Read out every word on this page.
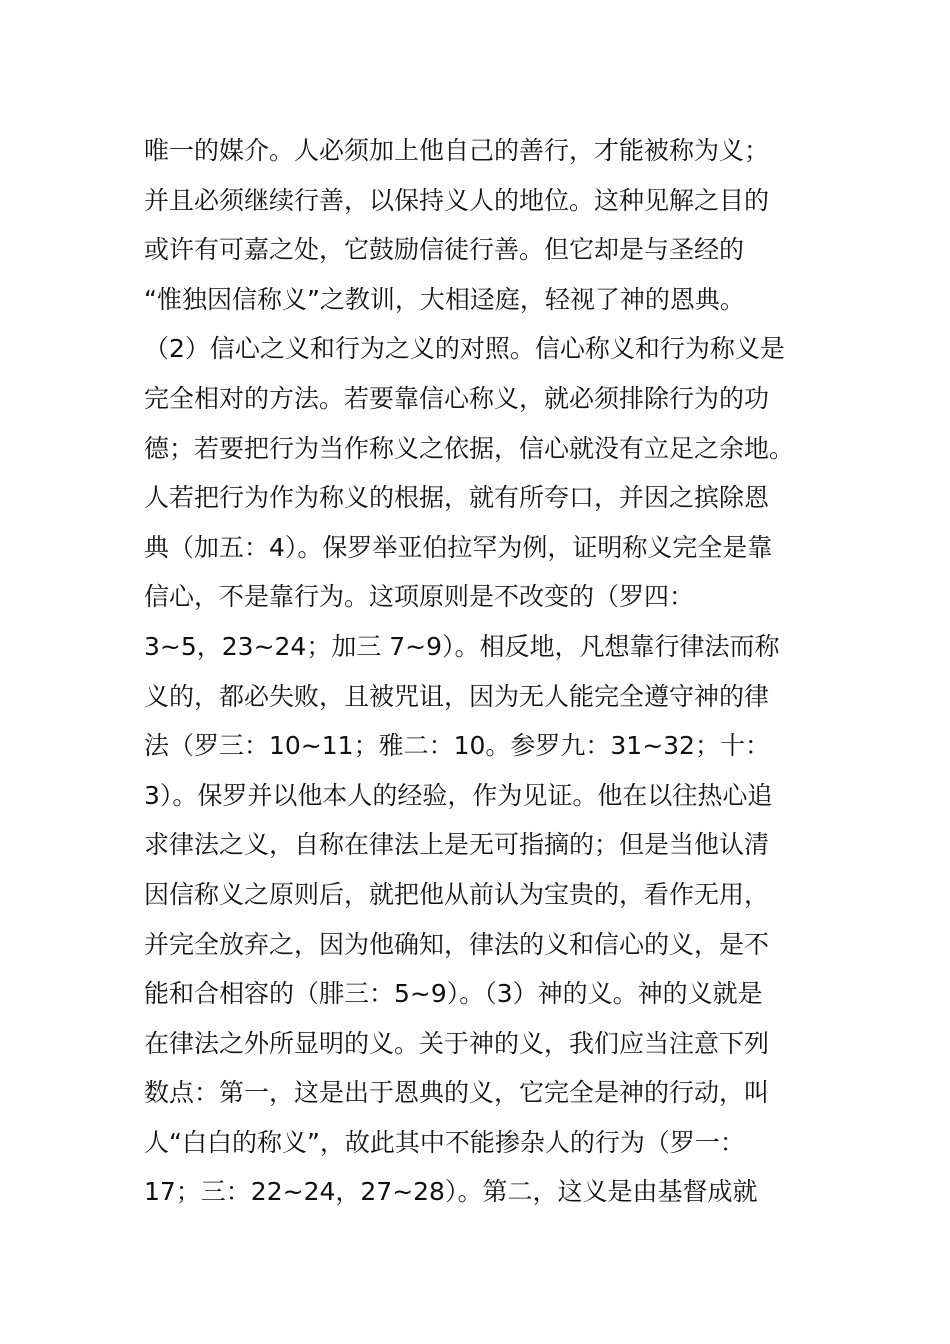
唯一的媒介。人必须加上他自己的善行，才能被称为义；
并且必须继续行善，以保持义人的地位。这种见解之目的
或许有可嘉之处，它鼓励信徒行善。但它却是与圣经的
“惟独因信称义”之教训，大相迳庭，轻视了神的恩典。
（2）信心之义和行为之义的对照。信心称义和行为称义是
完全相对的方法。若要靠信心称义，就必须排除行为的功
德；若要把行为当作称义之依据，信心就没有立足之余地。
人若把行为作为称义的根据，就有所夸口，并因之摈除恩
典（加五：4）。保罗举亚伯拉罕为例，证明称义完全是靠
信心，不是靠行为。这项原则是不改变的（罗四：
3~5，23~24；加三 7~9）。相反地，凡想靠行律法而称
义的，都必失败，且被咒诅，因为无人能完全遵守神的律
法（罗三：10~11；雅二：10。参罗九：31~32；十：
3）。保罗并以他本人的经验，作为见证。他在以往热心追
求律法之义，自称在律法上是无可指摘的；但是当他认清
因信称义之原则后，就把他从前认为宝贵的，看作无用，
并完全放弃之，因为他确知，律法的义和信心的义，是不
能和合相容的（腓三：5~9）。（3）神的义。神的义就是
在律法之外所显明的义。关于神的义，我们应当注意下列
数点：第一，这是出于恩典的义，它完全是神的行动，叫
人“白白的称义”，故此其中不能掺杂人的行为（罗一：
17；三：22~24，27~28）。第二，这义是由基督成就
